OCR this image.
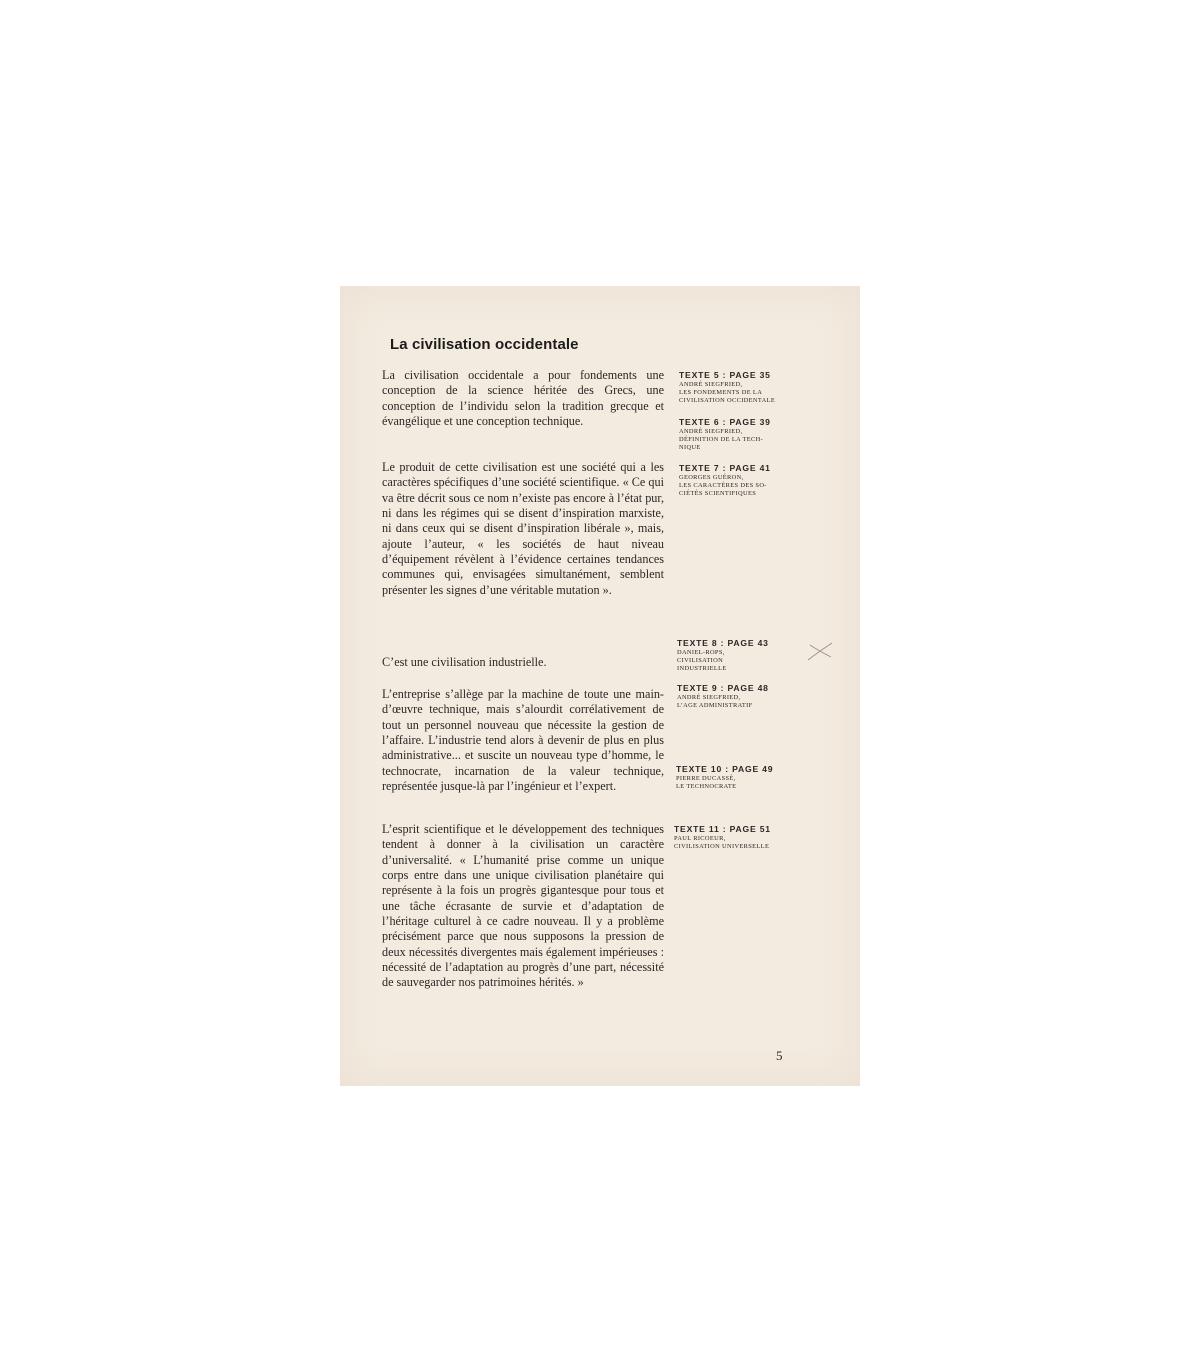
La civilisation occidentale

La civilisation occidentale a pour fondements une conception de la science héritée des Grecs, une conception de l’individu selon la tradition grecque et évangélique et une conception technique.

Le produit de cette civilisation est une société qui a les caractères spécifiques d’une société scientifique. « Ce qui va être décrit sous ce nom n’existe pas encore à l’état pur, ni dans les régimes qui se disent d’inspiration marxiste, ni dans ceux qui se disent d’inspiration libérale », mais, ajoute l’auteur, « les sociétés de haut niveau d’équipement révèlent à l’évidence certaines tendances communes qui, envisagées simultanément, semblent présenter les signes d’une véritable mutation ».

C’est une civilisation industrielle.

L’entreprise s’allège par la machine de toute une main-d’œuvre technique, mais s’alourdit corrélativement de tout un personnel nouveau que nécessite la gestion de l’affaire. L’industrie tend alors à devenir de plus en plus administrative... et suscite un nouveau type d’homme, le technocrate, incarnation de la valeur technique, représentée jusque-là par l’ingénieur et l’expert.

L’esprit scientifique et le développement des techniques tendent à donner à la civilisation un caractère d’universalité. « L’humanité prise comme un unique corps entre dans une unique civilisation planétaire qui représente à la fois un progrès gigantesque pour tous et une tâche écrasante de survie et d’adaptation de l’héritage culturel à ce cadre nouveau. Il y a problème précisément parce que nous supposons la pression de deux nécessités divergentes mais également impérieuses : nécessité de l’adaptation au progrès d’une part, nécessité de sauvegarder nos patrimoines hérités. »

TEXTE 5 : PAGE 35
ANDRÉ SIEGFRIED,
LES FONDEMENTS DE LA
CIVILISATION OCCIDENTALE
TEXTE 6 : PAGE 39
ANDRÉ SIEGFRIED,
DÉFINITION DE LA TECH-
NIQUE
TEXTE 7 : PAGE 41
GEORGES GUÉRON,
LES CARACTÈRES DES SO-
CIÉTÉS SCIENTIFIQUES
TEXTE 8 : PAGE 43
DANIEL-ROPS,
CIVILISATION
INDUSTRIELLE
TEXTE 9 : PAGE 48
ANDRÉ SIEGFRIED,
L’AGE ADMINISTRATIF
TEXTE 10 : PAGE 49
PIERRE DUCASSÉ,
LE TECHNOCRATE
TEXTE 11 : PAGE 51
PAUL RICOEUR,
CIVILISATION UNIVERSELLE
5
